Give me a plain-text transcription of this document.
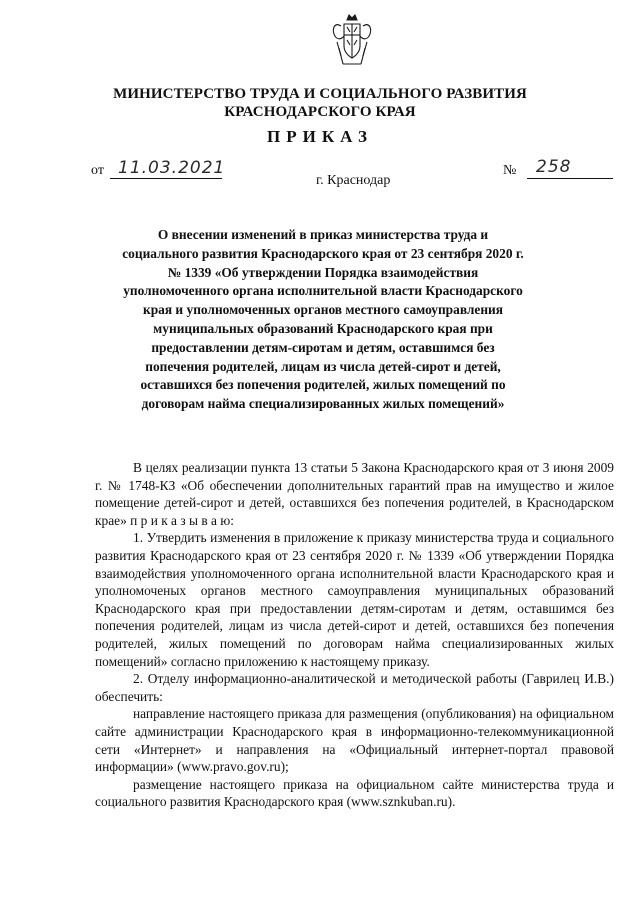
МИНИСТЕРСТВО ТРУДА И СОЦИАЛЬНОГО РАЗВИТИЯ
КРАСНОДАРСКОГО КРАЯ
ПРИКАЗ
от 11.03.2021
г. Краснодар
№ 258
О внесении изменений в приказ министерства труда и социального развития Краснодарского края от 23 сентября 2020 г. № 1339 «Об утверждении Порядка взаимодействия уполномоченного органа исполнительной власти Краснодарского края и уполномоченных органов местного самоуправления муниципальных образований Краснодарского края при предоставлении детям-сиротам и детям, оставшимся без попечения родителей, лицам из числа детей-сирот и детей, оставшихся без попечения родителей, жилых помещений по договорам найма специализированных жилых помещений»

В целях реализации пункта 13 статьи 5 Закона Краснодарского края от 3 июня 2009 г. № 1748-КЗ «Об обеспечении дополнительных гарантий прав на имущество и жилое помещение детей-сирот и детей, оставшихся без попечения родителей, в Краснодарском крае» п р и к а з ы в а ю:

1. Утвердить изменения в приложение к приказу министерства труда и социального развития Краснодарского края от 23 сентября 2020 г. № 1339 «Об утверждении Порядка взаимодействия уполномоченного органа исполнительной власти Краснодарского края и уполномоченых органов местного самоуправления муниципальных образований Краснодарского края при предоставлении детям-сиротам и детям, оставшимся без попечения родителей, лицам из числа детей-сирот и детей, оставшихся без попечения родителей, жилых помещений по договорам найма специализированных жилых помещений» согласно приложению к настоящему приказу.

2. Отделу информационно-аналитической и методической работы (Гаврилец И.В.) обеспечить:

направление настоящего приказа для размещения (опубликования) на официальном сайте администрации Краснодарского края в информационно-телекоммуникационной сети «Интернет» и направления на «Официальный интернет-портал правовой информации» (www.pravo.gov.ru);

размещение настоящего приказа на официальном сайте министерства труда и социального развития Краснодарского края (www.sznkuban.ru).
